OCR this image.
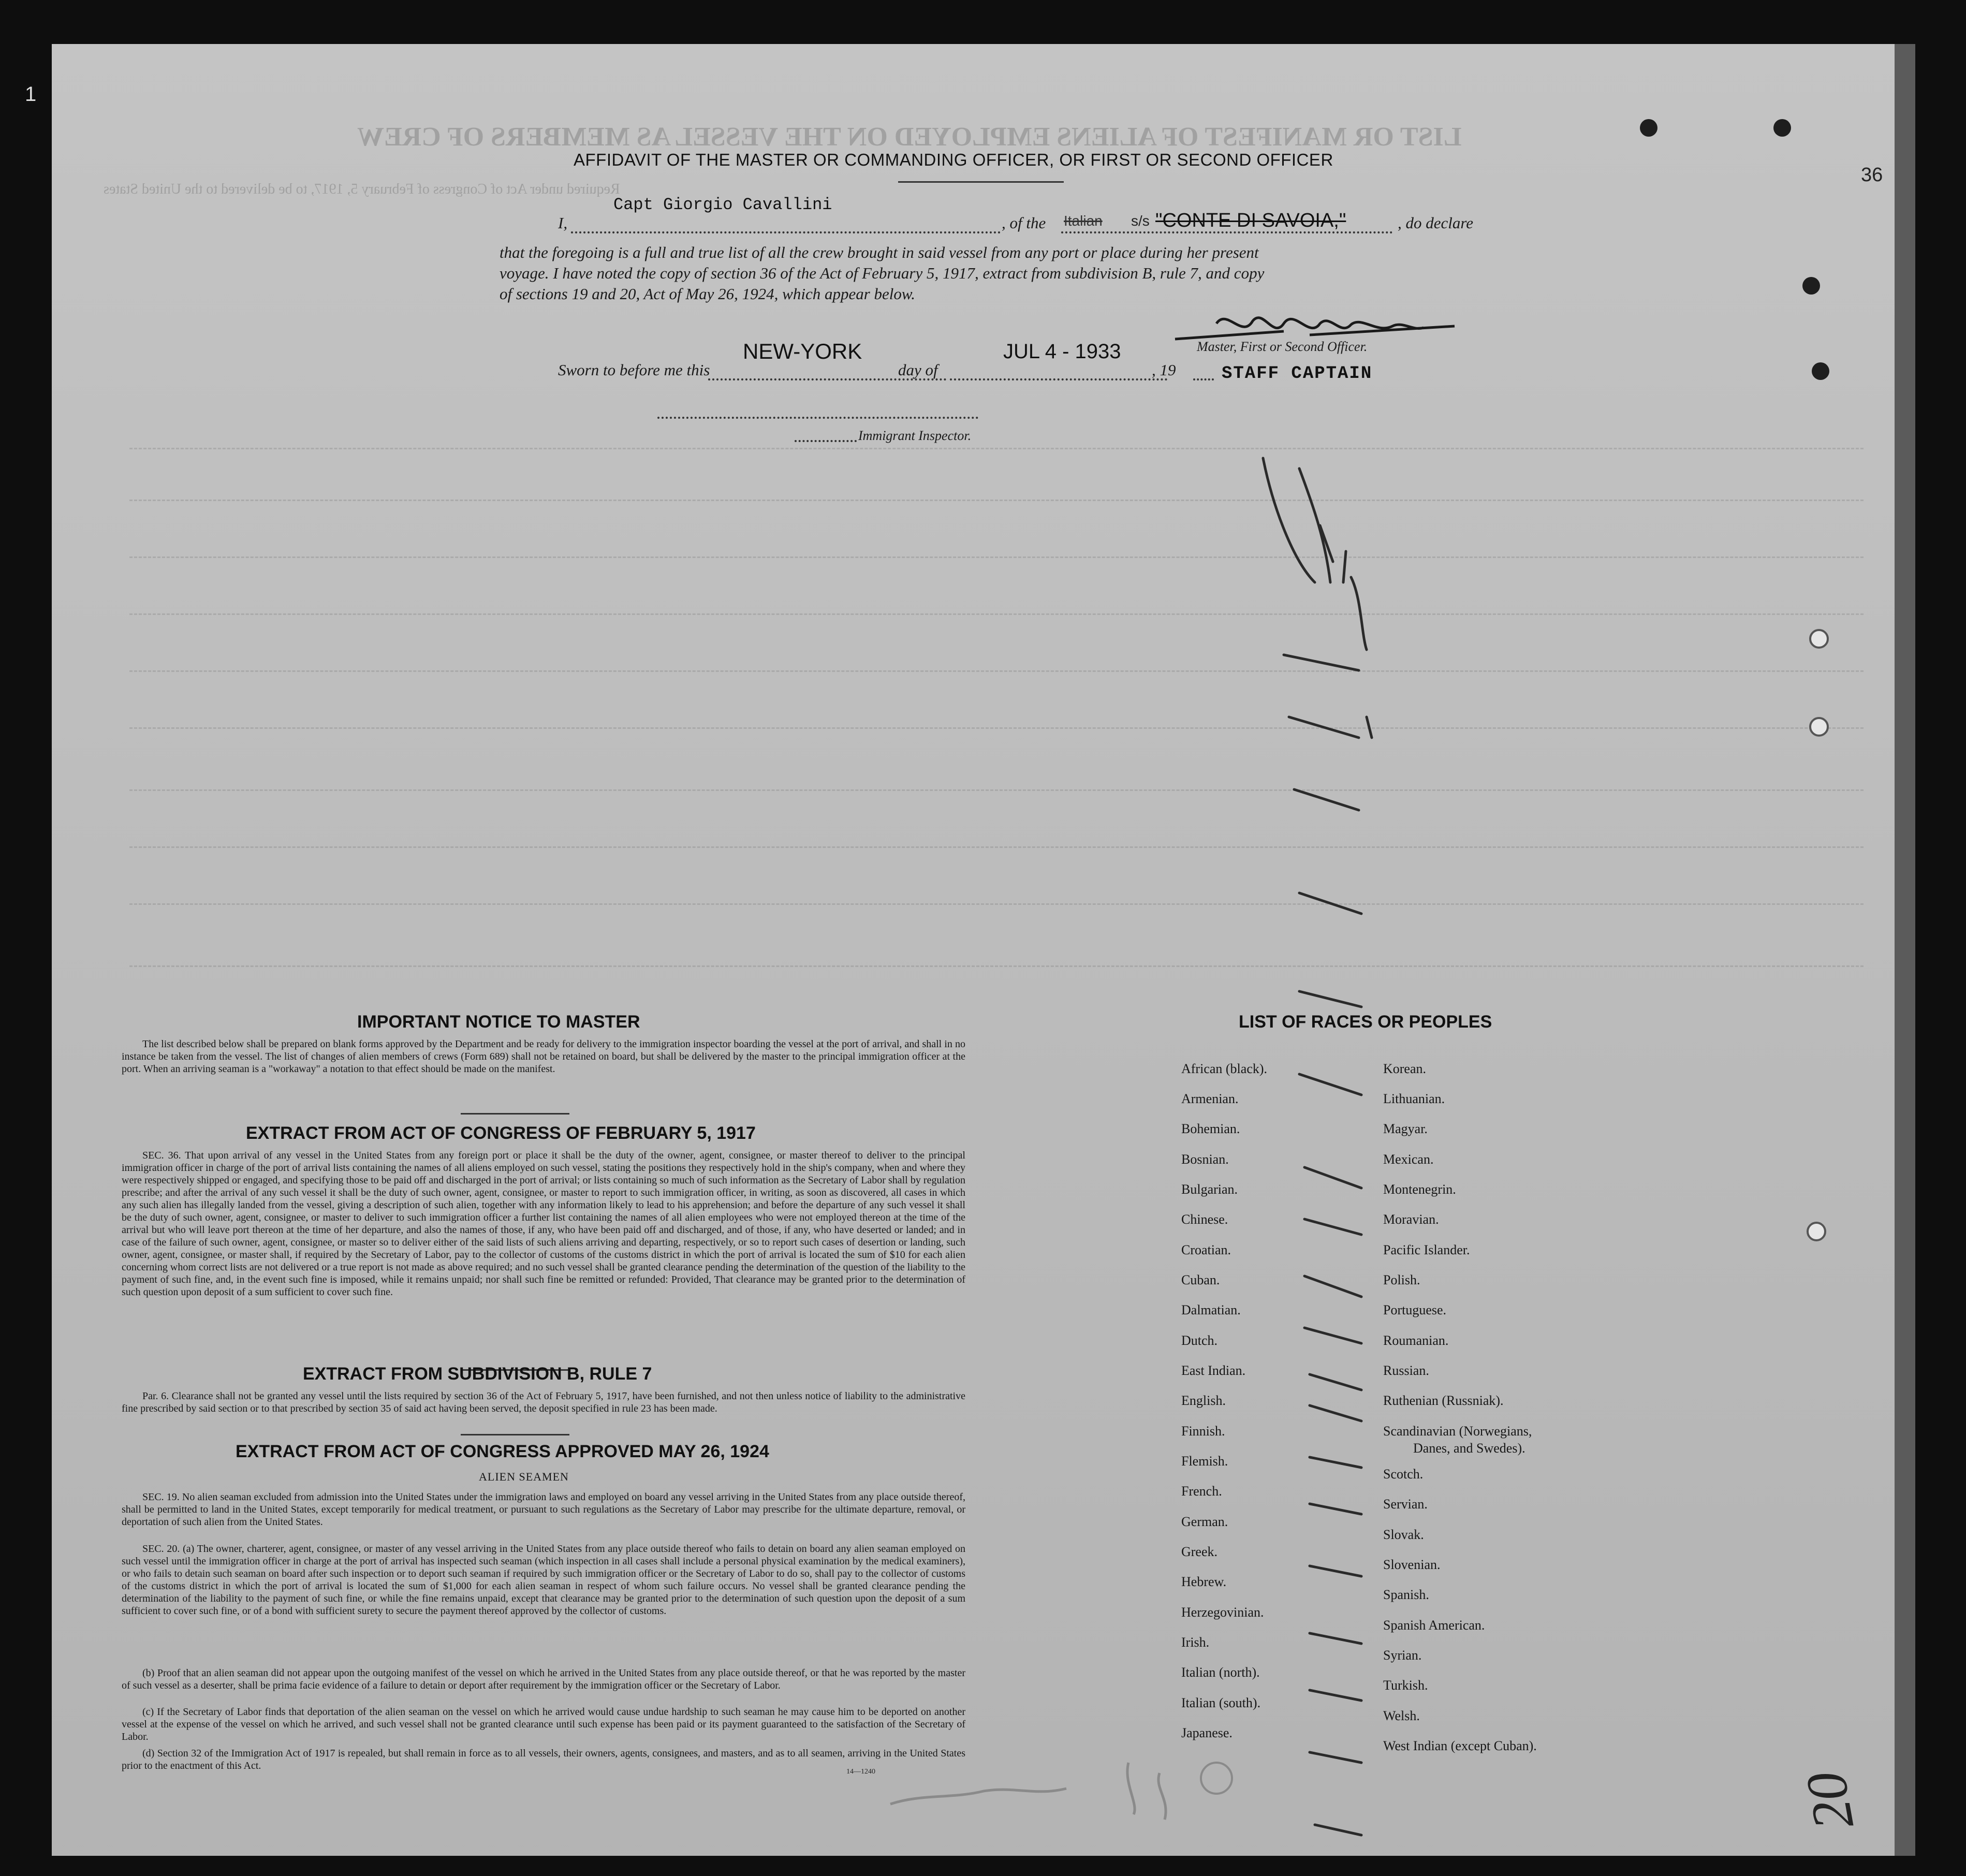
LIST OR MANIFEST OF ALIENS EMPLOYED ON THE VESSEL AS MEMBERS OF CREW
Required under Act of Congress of February 5, 1917, to be delivered to the United States
36
1
AFFIDAVIT OF THE MASTER OR COMMANDING OFFICER, OR FIRST OR SECOND OFFICER
I,
Capt Giorgio Cavallini
, of the Italian s/s "CONTE DI SAVOIA,"	, do declare
that the foregoing is a full and true list of all the crew brought in said vessel from any port or place during her present
voyage. I have noted the copy of section 36 of the Act of February 5, 1917, extract from subdivision B, rule 7, and copy
of sections 19 and 20, Act of May 26, 1924, which appear below.
Master, First or Second Officer.
STAFF CAPTAIN
Sworn to before me this
NEW-YORK
day of
JUL 4 - 1933
, 19
Immigrant Inspector.
IMPORTANT NOTICE TO MASTER
The list described below shall be prepared on blank forms approved by the Department and be ready for delivery to the immigration inspector boarding the vessel at the port of arrival, and shall in no instance be taken from the vessel. The list of changes of alien members of crews (Form 689) shall not be retained on board, but shall be delivered by the master to the principal immigration officer at the port. When an arriving seaman is a "workaway" a notation to that effect should be made on the manifest.
EXTRACT FROM ACT OF CONGRESS OF FEBRUARY 5, 1917
SEC. 36. That upon arrival of any vessel in the United States from any foreign port or place it shall be the duty of the owner, agent, consignee, or master thereof to deliver to the principal immigration officer in charge of the port of arrival lists containing the names of all aliens employed on such vessel, stating the positions they respectively hold in the ship's company, when and where they were respectively shipped or engaged, and specifying those to be paid off and discharged in the port of arrival; or lists containing so much of such information as the Secretary of Labor shall by regulation prescribe; and after the arrival of any such vessel it shall be the duty of such owner, agent, consignee, or master to report to such immigration officer, in writing, as soon as discovered, all cases in which any such alien has illegally landed from the vessel, giving a description of such alien, together with any information likely to lead to his apprehension; and before the departure of any such vessel it shall be the duty of such owner, agent, consignee, or master to deliver to such immigration officer a further list containing the names of all alien employees who were not employed thereon at the time of the arrival but who will leave port thereon at the time of her departure, and also the names of those, if any, who have been paid off and discharged, and of those, if any, who have deserted or landed; and in case of the failure of such owner, agent, consignee, or master so to deliver either of the said lists of such aliens arriving and departing, respectively, or so to report such cases of desertion or landing, such owner, agent, consignee, or master shall, if required by the Secretary of Labor, pay to the collector of customs of the customs district in which the port of arrival is located the sum of $10 for each alien concerning whom correct lists are not delivered or a true report is not made as above required; and no such vessel shall be granted clearance pending the determination of the question of the liability to the payment of such fine, and, in the event such fine is imposed, while it remains unpaid; nor shall such fine be remitted or refunded: Provided, That clearance may be granted prior to the determination of such question upon deposit of a sum sufficient to cover such fine.
EXTRACT FROM SUBDIVISION B, RULE 7
Par. 6. Clearance shall not be granted any vessel until the lists required by section 36 of the Act of February 5, 1917, have been furnished, and not then unless notice of liability to the administrative fine prescribed by said section or to that prescribed by section 35 of said act having been served, the deposit specified in rule 23 has been made.
EXTRACT FROM ACT OF CONGRESS APPROVED MAY 26, 1924
ALIEN SEAMEN
SEC. 19. No alien seaman excluded from admission into the United States under the immigration laws and employed on board any vessel arriving in the United States from any place outside thereof, shall be permitted to land in the United States, except temporarily for medical treatment, or pursuant to such regulations as the Secretary of Labor may prescribe for the ultimate departure, removal, or deportation of such alien from the United States.
SEC. 20. (a) The owner, charterer, agent, consignee, or master of any vessel arriving in the United States from any place outside thereof who fails to detain on board any alien seaman employed on such vessel until the immigration officer in charge at the port of arrival has inspected such seaman (which inspection in all cases shall include a personal physical examination by the medical examiners), or who fails to detain such seaman on board after such inspection or to deport such seaman if required by such immigration officer or the Secretary of Labor to do so, shall pay to the collector of customs of the customs district in which the port of arrival is located the sum of $1,000 for each alien seaman in respect of whom such failure occurs. No vessel shall be granted clearance pending the determination of the liability to the payment of such fine, or while the fine remains unpaid, except that clearance may be granted prior to the determination of such question upon the deposit of a sum sufficient to cover such fine, or of a bond with sufficient surety to secure the payment thereof approved by the collector of customs.
(b) Proof that an alien seaman did not appear upon the outgoing manifest of the vessel on which he arrived in the United States from any place outside thereof, or that he was reported by the master of such vessel as a deserter, shall be prima facie evidence of a failure to detain or deport after requirement by the immigration officer or the Secretary of Labor.
(c) If the Secretary of Labor finds that deportation of the alien seaman on the vessel on which he arrived would cause undue hardship to such seaman he may cause him to be deported on another vessel at the expense of the vessel on which he arrived, and such vessel shall not be granted clearance until such expense has been paid or its payment guaranteed to the satisfaction of the Secretary of Labor.
(d) Section 32 of the Immigration Act of 1917 is repealed, but shall remain in force as to all vessels, their owners, agents, consignees, and masters, and as to all seamen, arriving in the United States prior to the enactment of this Act.
14—1240
LIST OF RACES OR PEOPLES
African (black).
Armenian.
Bohemian.
Bosnian.
Bulgarian.
Chinese.
Croatian.
Cuban.
Dalmatian.
Dutch.
East Indian.
English.
Finnish.
Flemish.
French.
German.
Greek.
Hebrew.
Herzegovinian.
Irish.
Italian (north).
Italian (south).
Japanese.
Korean.
Lithuanian.
Magyar.
Mexican.
Montenegrin.
Moravian.
Pacific Islander.
Polish.
Portuguese.
Roumanian.
Russian.
Ruthenian (Russniak).
Scandinavian (Norwegians,
Danes, and Swedes).
Scotch.
Servian.
Slovak.
Slovenian.
Spanish.
Spanish American.
Syrian.
Turkish.
Welsh.
West Indian (except Cuban).
20
